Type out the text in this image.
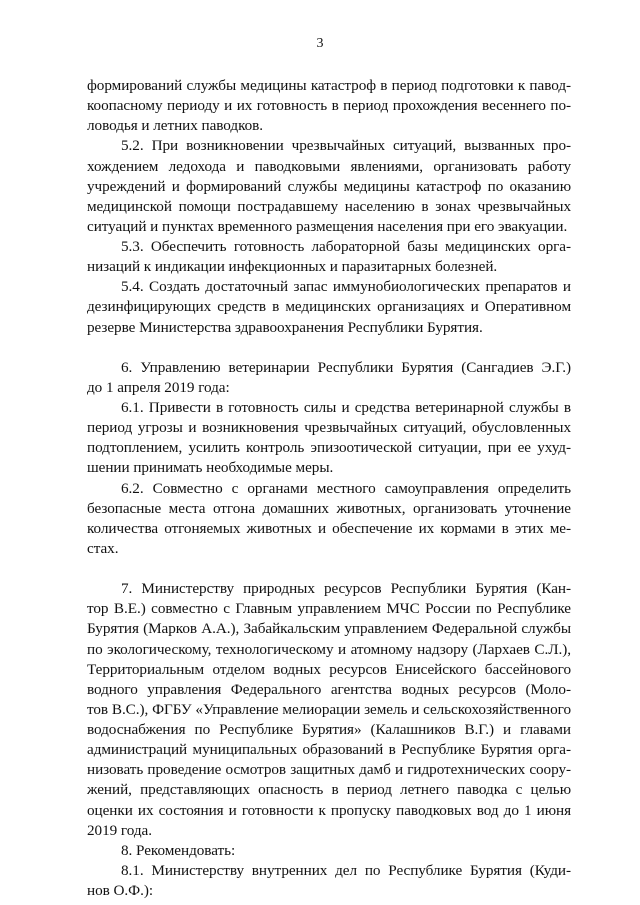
3
формирований службы медицины катастроф в период подготовки к павод-
коопасному периоду и их готовность в период прохождения весеннего по-
ловодья и летних паводков.
5.2. При возникновении чрезвычайных ситуаций, вызванных про-
хождением ледохода и паводковыми явлениями, организовать работу
учреждений и формирований службы медицины катастроф по оказанию
медицинской помощи пострадавшему населению в зонах чрезвычайных
ситуаций и пунктах временного размещения населения при его эвакуации.
5.3. Обеспечить готовность лабораторной базы медицинских орга-
низаций к индикации инфекционных и паразитарных болезней.
5.4. Создать достаточный запас иммунобиологических препаратов и
дезинфицирующих средств в медицинских организациях и Оперативном
резерве Министерства здравоохранения Республики Бурятия.
6. Управлению ветеринарии Республики Бурятия (Сангадиев Э.Г.)
до 1 апреля 2019 года:
6.1. Привести в готовность силы и средства ветеринарной службы в
период угрозы и возникновения чрезвычайных ситуаций, обусловленных
подтоплением, усилить контроль эпизоотической ситуации, при ее ухуд-
шении принимать необходимые меры.
6.2. Совместно с органами местного самоуправления определить
безопасные места отгона домашних животных, организовать уточнение
количества отгоняемых животных и обеспечение их кормами в этих ме-
стах.
7. Министерству природных ресурсов Республики Бурятия (Кан-
тор В.Е.) совместно с Главным управлением МЧС России по Республике
Бурятия (Марков А.А.), Забайкальским управлением Федеральной службы
по экологическому, технологическому и атомному надзору (Лархаев С.Л.),
Территориальным отделом водных ресурсов Енисейского бассейнового
водного управления Федерального агентства водных ресурсов (Моло-
тов В.С.), ФГБУ «Управление мелиорации земель и сельскохозяйственного
водоснабжения по Республике Бурятия» (Калашников В.Г.) и главами
администраций муниципальных образований в Республике Бурятия орга-
низовать проведение осмотров защитных дамб и гидротехнических соору-
жений, представляющих опасность в период летнего паводка с целью
оценки их состояния и готовности к пропуску паводковых вод до 1 июня
2019 года.
8. Рекомендовать:
8.1. Министерству внутренних дел по Республике Бурятия (Куди-
нов О.Ф.):
